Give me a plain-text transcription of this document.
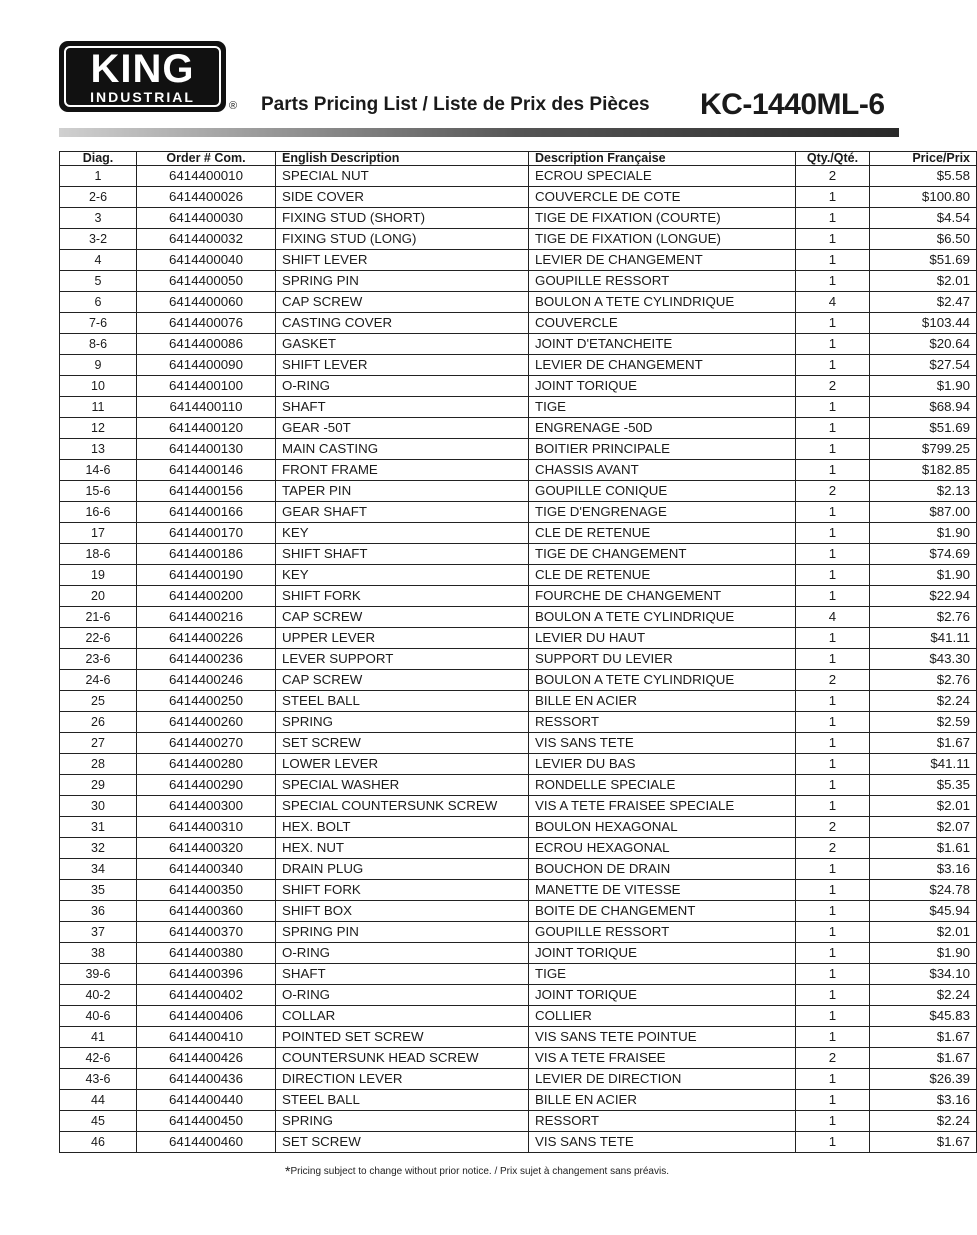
KING
INDUSTRIAL
® Parts Pricing List / Liste de Prix des Pièces KC-1440ML-6
Diag.	Order # Com.	English Description	Description Française	Qty./Qté.	Price/Prix
1	6414400010	SPECIAL NUT	ECROU SPECIALE	2	$5.58
2-6	6414400026	SIDE COVER	COUVERCLE DE COTE	1	$100.80
3	6414400030	FIXING STUD (SHORT)	TIGE DE FIXATION (COURTE)	1	$4.54
3-2	6414400032	FIXING STUD (LONG)	TIGE DE FIXATION (LONGUE)	1	$6.50
4	6414400040	SHIFT LEVER	LEVIER DE CHANGEMENT	1	$51.69
5	6414400050	SPRING PIN	GOUPILLE RESSORT	1	$2.01
6	6414400060	CAP SCREW	BOULON A TETE CYLINDRIQUE	4	$2.47
7-6	6414400076	CASTING COVER	COUVERCLE	1	$103.44
8-6	6414400086	GASKET	JOINT D'ETANCHEITE	1	$20.64
9	6414400090	SHIFT LEVER	LEVIER DE CHANGEMENT	1	$27.54
10	6414400100	O-RING	JOINT TORIQUE	2	$1.90
11	6414400110	SHAFT	TIGE	1	$68.94
12	6414400120	GEAR -50T	ENGRENAGE -50D	1	$51.69
13	6414400130	MAIN CASTING	BOITIER PRINCIPALE	1	$799.25
14-6	6414400146	FRONT FRAME	CHASSIS AVANT	1	$182.85
15-6	6414400156	TAPER PIN	GOUPILLE CONIQUE	2	$2.13
16-6	6414400166	GEAR SHAFT	TIGE D'ENGRENAGE	1	$87.00
17	6414400170	KEY	CLE DE RETENUE	1	$1.90
18-6	6414400186	SHIFT SHAFT	TIGE DE CHANGEMENT	1	$74.69
19	6414400190	KEY	CLE DE RETENUE	1	$1.90
20	6414400200	SHIFT FORK	FOURCHE DE CHANGEMENT	1	$22.94
21-6	6414400216	CAP SCREW	BOULON A TETE CYLINDRIQUE	4	$2.76
22-6	6414400226	UPPER LEVER	LEVIER DU HAUT	1	$41.11
23-6	6414400236	LEVER SUPPORT	SUPPORT DU LEVIER	1	$43.30
24-6	6414400246	CAP SCREW	BOULON A TETE CYLINDRIQUE	2	$2.76
25	6414400250	STEEL BALL	BILLE EN ACIER	1	$2.24
26	6414400260	SPRING	RESSORT	1	$2.59
27	6414400270	SET SCREW	VIS SANS TETE	1	$1.67
28	6414400280	LOWER LEVER	LEVIER DU BAS	1	$41.11
29	6414400290	SPECIAL WASHER	RONDELLE SPECIALE	1	$5.35
30	6414400300	SPECIAL COUNTERSUNK SCREW	VIS A TETE FRAISEE SPECIALE	1	$2.01
31	6414400310	HEX. BOLT	BOULON HEXAGONAL	2	$2.07
32	6414400320	HEX. NUT	ECROU HEXAGONAL	2	$1.61
34	6414400340	DRAIN PLUG	BOUCHON DE DRAIN	1	$3.16
35	6414400350	SHIFT FORK	MANETTE DE VITESSE	1	$24.78
36	6414400360	SHIFT BOX	BOITE DE CHANGEMENT	1	$45.94
37	6414400370	SPRING PIN	GOUPILLE RESSORT	1	$2.01
38	6414400380	O-RING	JOINT TORIQUE	1	$1.90
39-6	6414400396	SHAFT	TIGE	1	$34.10
40-2	6414400402	O-RING	JOINT TORIQUE	1	$2.24
40-6	6414400406	COLLAR	COLLIER	1	$45.83
41	6414400410	POINTED SET SCREW	VIS SANS TETE POINTUE	1	$1.67
42-6	6414400426	COUNTERSUNK HEAD SCREW	VIS A TETE FRAISEE	2	$1.67
43-6	6414400436	DIRECTION LEVER	LEVIER DE DIRECTION	1	$26.39
44	6414400440	STEEL BALL	BILLE EN ACIER	1	$3.16
45	6414400450	SPRING	RESSORT	1	$2.24
46	6414400460	SET SCREW	VIS SANS TETE	1	$1.67
*Pricing subject to change without prior notice. / Prix sujet à changement sans préavis.
